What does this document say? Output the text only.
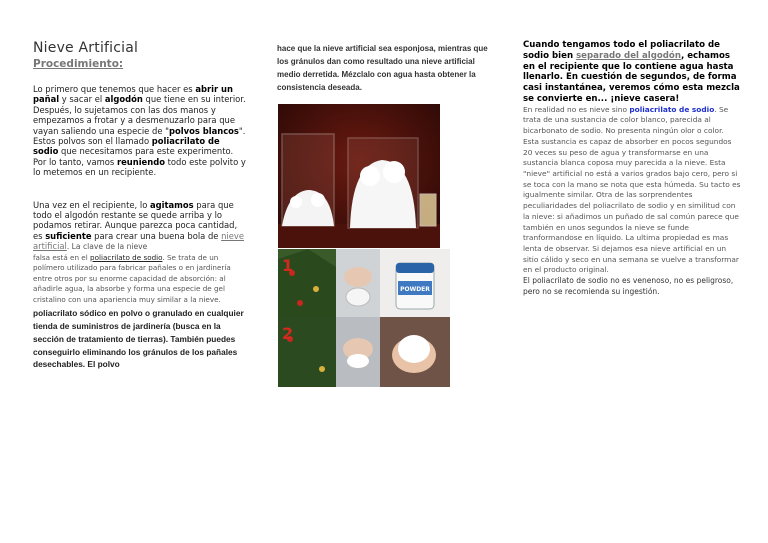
Nieve Artificial
Procedimiento:

Lo primero que tenemos que hacer es abrir un pañal y sacar el algodón que tiene en su interior. Después, lo sujetamos con las dos manos y empezamos a frotar y a desmenuzarlo para que vayan saliendo una especie de "polvos blancos". Estos polvos son el llamado poliacrilato de sodio que necesitamos para este experimento. Por lo tanto, vamos reuniendo todo este polvito y lo metemos en un recipiente.

Una vez en el recipiente, lo agitamos para que todo el algodón restante se quede arriba y lo podamos retirar. Aunque parezca poca cantidad, es suficiente para crear una buena bola de nieve artificial. La clave de la nieve

falsa está en el poliacrilato de sodio. Se trata de un polímero utilizado para fabricar pañales o en jardinería entre otros por su enorme capacidad de absorción: al añadirle agua, la absorbe y forma una especie de gel cristalino con una apariencia muy similar a la nieve.

poliacrilato sódico en polvo o granulado en cualquier tienda de suministros de jardinería (busca en la sección de tratamiento de tierras). También puedes conseguirlo eliminando los gránulos de los pañales desechables. El polvo

hace que la nieve artificial sea esponjosa, mientras que los gránulos dan como resultado una nieve artificial medio derretida. Mézclalo con agua hasta obtener la consistencia deseada.

POWDER
1
2

Cuando tengamos todo el poliacrilato de sodio bien separado del algodón, echamos en el recipiente que lo contiene agua hasta llenarlo. En cuestión de segundos, de forma casi instantánea, veremos cómo esta mezcla se convierte en... ¡nieve casera!

En realidad no es nieve sino poliacrilato de sodio. Se trata de una sustancia de color blanco, parecida al bicarbonato de sodio. No presenta ningún olor o color. Esta sustancia es capaz de absorber en pocos segundos 20 veces su peso de agua y transformarse en una sustancia blanca coposa muy parecida a la nieve. Esta "nieve" artificial no está a varios grados bajo cero, pero si se toca con la mano se nota que esta húmeda. Su tacto es igualmente similar. Otra de las sorprendentes peculiaridades del poliacrilato de sodio y en similitud con la nieve: si añadimos un puñado de sal común parece que también en unos segundos la nieve se funde tranformandose en líquido. La ultima propiedad es mas lenta de observar. Si dejamos esa nieve artificial en un sitio cálido y seco en una semana se vuelve a transformar en el producto original.

El poliacrilato de sodio no es venenoso, no es peligroso, pero no se recomienda su ingestión.
